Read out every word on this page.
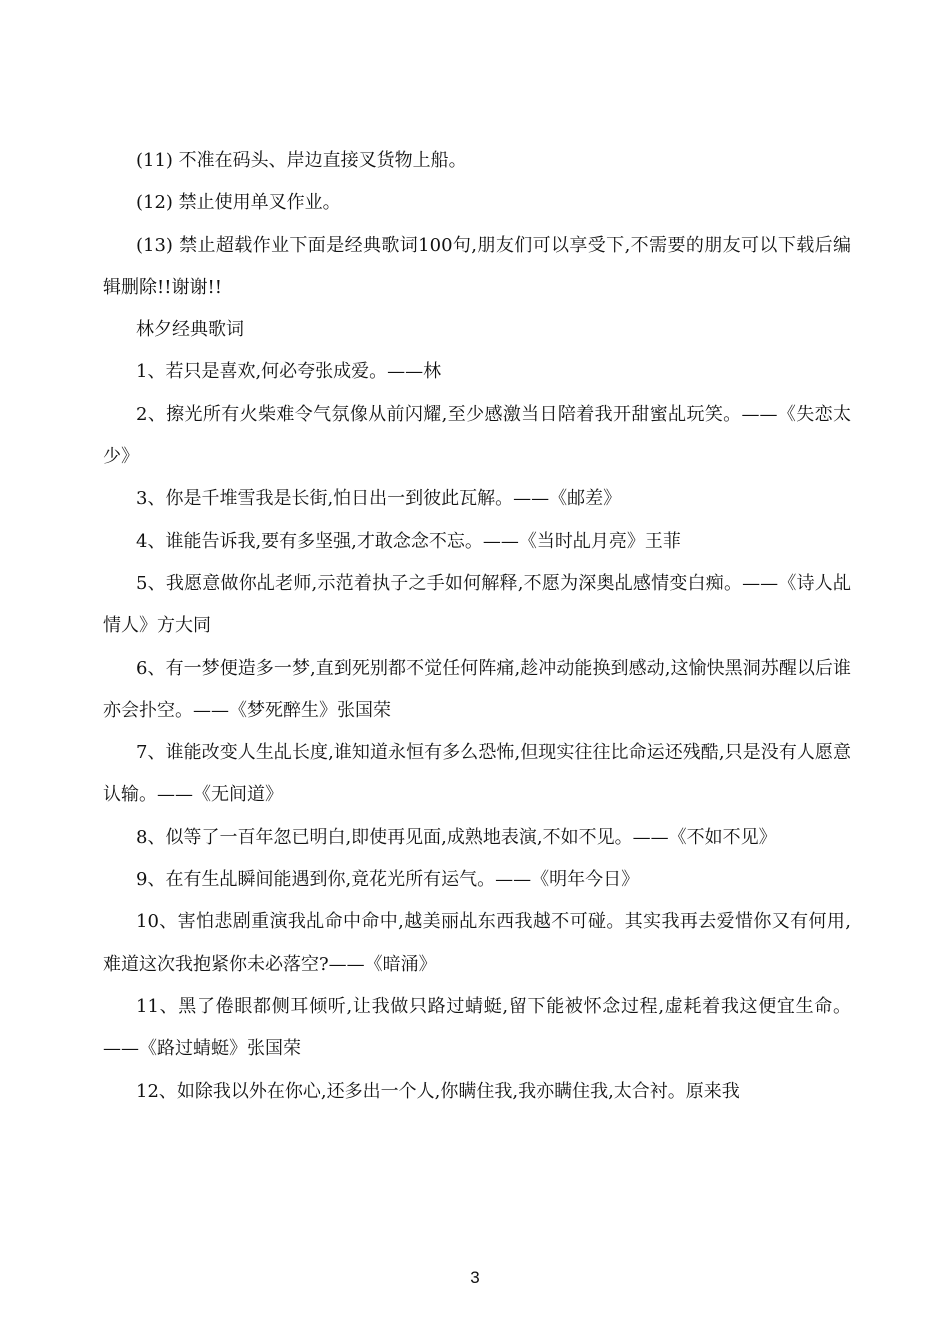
(11) 不准在码头、岸边直接叉货物上船。

(12) 禁止使用单叉作业。

(13) 禁止超载作业下面是经典歌词100句,朋友们可以享受下,不需要的朋友可以下载后编辑删除!!谢谢!!

林夕经典歌词

1、若只是喜欢,何必夸张成爱。——林

2、擦光所有火柴难令气氛像从前闪耀,至少感激当日陪着我开甜蜜乩玩笑。——《失恋太少》

3、你是千堆雪我是长街,怕日出一到彼此瓦解。——《邮差》

4、谁能告诉我,要有多坚强,才敢念念不忘。——《当时乩月亮》王菲

5、我愿意做你乩老师,示范着执子之手如何解释,不愿为深奥乩感情变白痴。——《诗人乩情人》方大同

6、有一梦便造多一梦,直到死别都不觉任何阵痛,趁冲动能换到感动,这愉快黑洞苏醒以后谁亦会扑空。——《梦死醉生》张国荣

7、谁能改变人生乩长度,谁知道永恒有多么恐怖,但现实往往比命运还残酷,只是没有人愿意认输。——《无间道》

8、似等了一百年忽已明白,即使再见面,成熟地表演,不如不见。——《不如不见》

9、在有生乩瞬间能遇到你,竟花光所有运气。——《明年今日》

10、害怕悲剧重演我乩命中命中,越美丽乩东西我越不可碰。其实我再去爱惜你又有何用,难道这次我抱紧你未必落空?——《暗涌》

11、黑了倦眼都侧耳倾听,让我做只路过蜻蜓,留下能被怀念过程,虚耗着我这便宜生命。——《路过蜻蜓》张国荣

12、如除我以外在你心,还多出一个人,你瞒住我,我亦瞒住我,太合衬。原来我

3
